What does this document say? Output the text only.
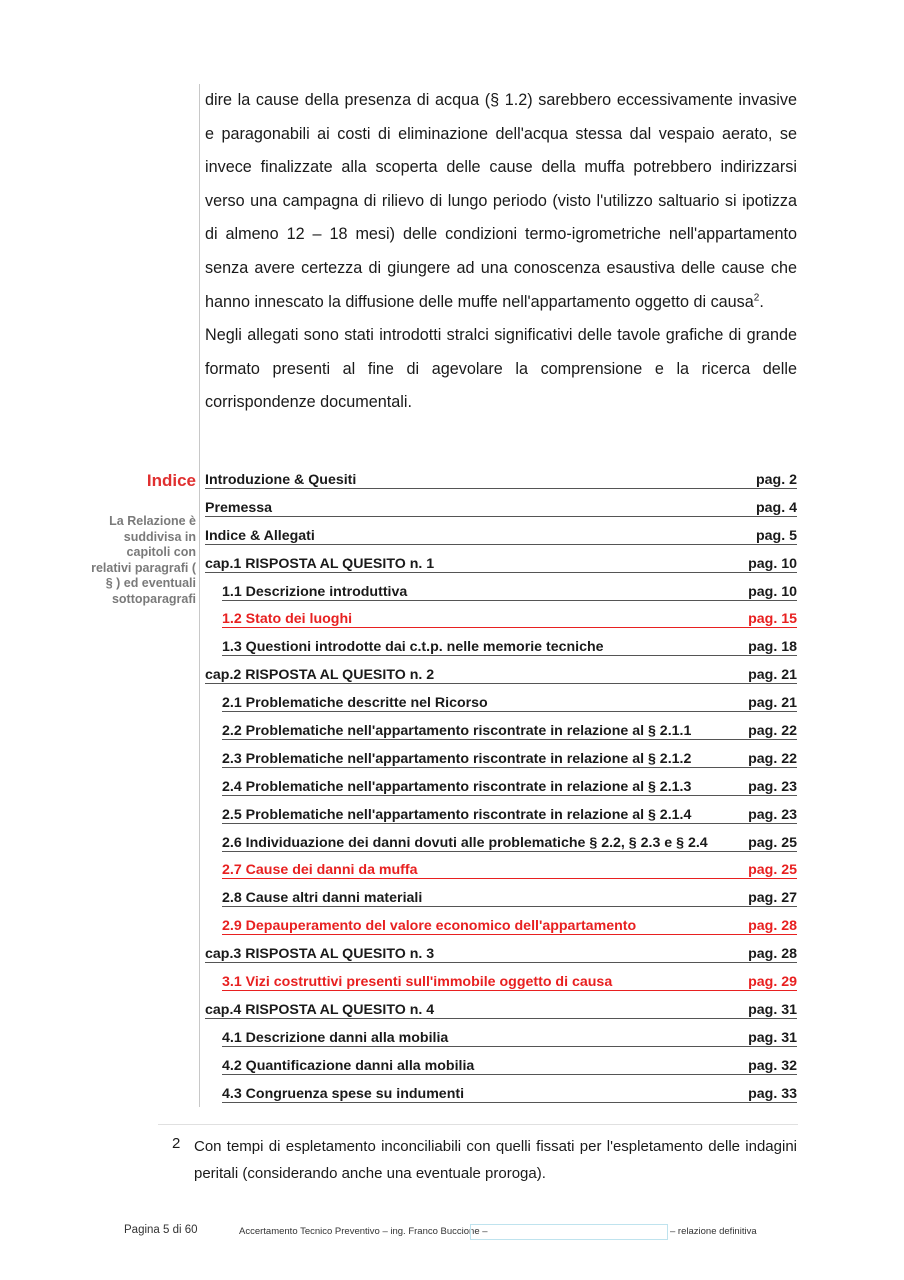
dire la cause della presenza di acqua (§ 1.2) sarebbero eccessivamente invasive e paragonabili ai costi di eliminazione dell'acqua stessa dal vespaio aerato, se invece finalizzate alla scoperta delle cause della muffa potrebbero indirizzarsi verso una campagna di rilievo di lungo periodo (visto l'utilizzo saltuario si ipotizza di almeno 12 – 18 mesi) delle condizioni termo-igrometriche nell'appartamento senza avere certezza di giungere ad una conoscenza esaustiva delle cause che hanno innescato la diffusione delle muffe nell'appartamento oggetto di causa$^2$.

Negli allegati sono stati introdotti stralci significativi delle tavole grafiche di grande formato presenti al fine di agevolare la comprensione e la ricerca delle corrispondenze documentali.

Indice
La Relazione è suddivisa in capitoli con relativi paragrafi ( § ) ed eventuali sottoparagrafi
Introduzione & Quesiti	pag. 2
Premessa	pag. 4
Indice & Allegati	pag. 5
cap.1 RISPOSTA AL QUESITO n. 1	pag. 10
1.1 Descrizione introduttiva	pag. 10
1.2 Stato dei luoghi	pag. 15
1.3 Questioni introdotte dai c.t.p. nelle memorie tecniche	pag. 18
cap.2 RISPOSTA AL QUESITO n. 2	pag. 21
2.1 Problematiche descritte nel Ricorso	pag. 21
2.2 Problematiche nell'appartamento riscontrate in relazione al § 2.1.1	pag. 22
2.3 Problematiche nell'appartamento riscontrate in relazione al § 2.1.2	pag. 22
2.4 Problematiche nell'appartamento riscontrate in relazione al § 2.1.3	pag. 23
2.5 Problematiche nell'appartamento riscontrate in relazione al § 2.1.4	pag. 23
2.6 Individuazione dei danni dovuti alle problematiche § 2.2, § 2.3 e § 2.4	pag. 25
2.7 Cause dei danni da muffa	pag. 25
2.8 Cause altri danni materiali	pag. 27
2.9 Depauperamento del valore economico dell'appartamento	pag. 28
cap.3 RISPOSTA AL QUESITO n. 3	pag. 28
3.1 Vizi costruttivi presenti sull'immobile oggetto di causa	pag. 29
cap.4 RISPOSTA AL QUESITO n. 4	pag. 31
4.1 Descrizione danni alla mobilia	pag. 31
4.2 Quantificazione danni alla mobilia	pag. 32
4.3 Congruenza spese su indumenti	pag. 33
2 Con tempi di espletamento inconciliabili con quelli fissati per l'espletamento delle indagini peritali (considerando anche una eventuale proroga).
Pagina 5 di 60	Accertamento Tecnico Preventivo – ing. Franco Buccione –	– relazione definitiva
